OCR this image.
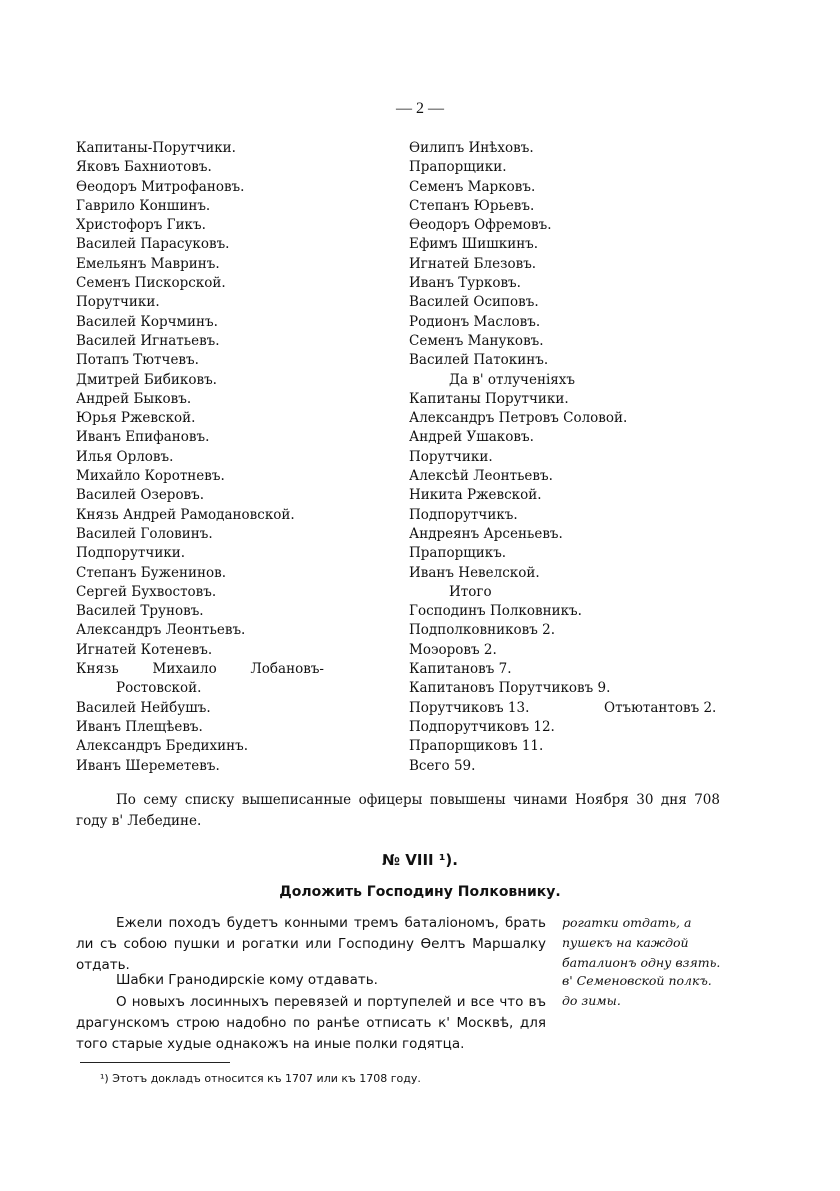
— 2 —
Капитаны-Порутчики.
Яковъ Бахниотовъ.
Өеодоръ Митрофановъ.
Гаврило Коншинъ.
Христофоръ Гикъ.
Василей Парасуковъ.
Емельянъ Мавринъ.
Семенъ Пискорской.
Порутчики.
Василей Корчминъ.
Василей Игнатьевъ.
Потапъ Тютчевъ.
Дмитрей Бибиковъ.
Андрей Быковъ.
Юрья Ржевской.
Иванъ Епифановъ.
Илья Орловъ.
Михайло Коротневъ.
Василей Озеровъ.
Князь Андрей Рамодановской.
Василей Головинъ.
Подпорутчики.
Степанъ Буженинов.
Сергей Бухвостовъ.
Василей Труновъ.
Александръ Леонтьевъ.
Игнатей Котеневъ.
Князь	Михаило	Лобановъ-
Ростовской.
Василей Нейбушъ.
Иванъ Плещѣевъ.
Александръ Бредихинъ.
Иванъ Шереметевъ.
Өилипъ Инѣховъ.
Прапорщики.
Семенъ Марковъ.
Степанъ Юрьевъ.
Өеодоръ Офремовъ.
Ефимъ Шишкинъ.
Игнатей Блезовъ.
Иванъ Турковъ.
Василей Осиповъ.
Родионъ Масловъ.
Семенъ Мануковъ.
Василей Патокинъ.
Да в' отлученіяхъ
Капитаны Порутчики.
Александръ Петровъ Соловой.
Андрей Ушаковъ.
Порутчики.
Алексѣй Леонтьевъ.
Никита Ржевской.
Подпорутчикъ.
Андреянъ Арсеньевъ.
Прапорщикъ.
Иванъ Невелской.
Итого
Господинъ Полковникъ.
Подполковниковъ 2.
Моэоровъ 2.
Капитановъ 7.
Капитановъ Порутчиковъ 9.
Порутчиковъ 13.
Подпорутчиковъ 12.
Прапорщиковъ 11.
Всего 59.
Отъютантовъ 2.
По сему списку вышеписанные офицеры повышены чинами Ноября 30 дня 708 году в' Лебедине.
№ VIII ¹).
Доложить Господину Полковнику.
Ежели походъ будетъ конными тремъ баталіономъ, брать ли съ собою пушки и рогатки или Господину Өелтъ Маршалку отдать.
Шабки Гранодирскіе кому отдавать.
О новыхъ лосинныхъ перевязей и портупелей и все что въ драгунскомъ строю надобно по ранѣе отписать к' Москвѣ, для того старые худые однакожъ на иные полки годятца.
рогатки отдать, а пушекъ на каждой баталионъ одну взять.
в' Семеновской полкъ.
до зимы.
¹) Этотъ докладъ относится къ 1707 или къ 1708 году.
